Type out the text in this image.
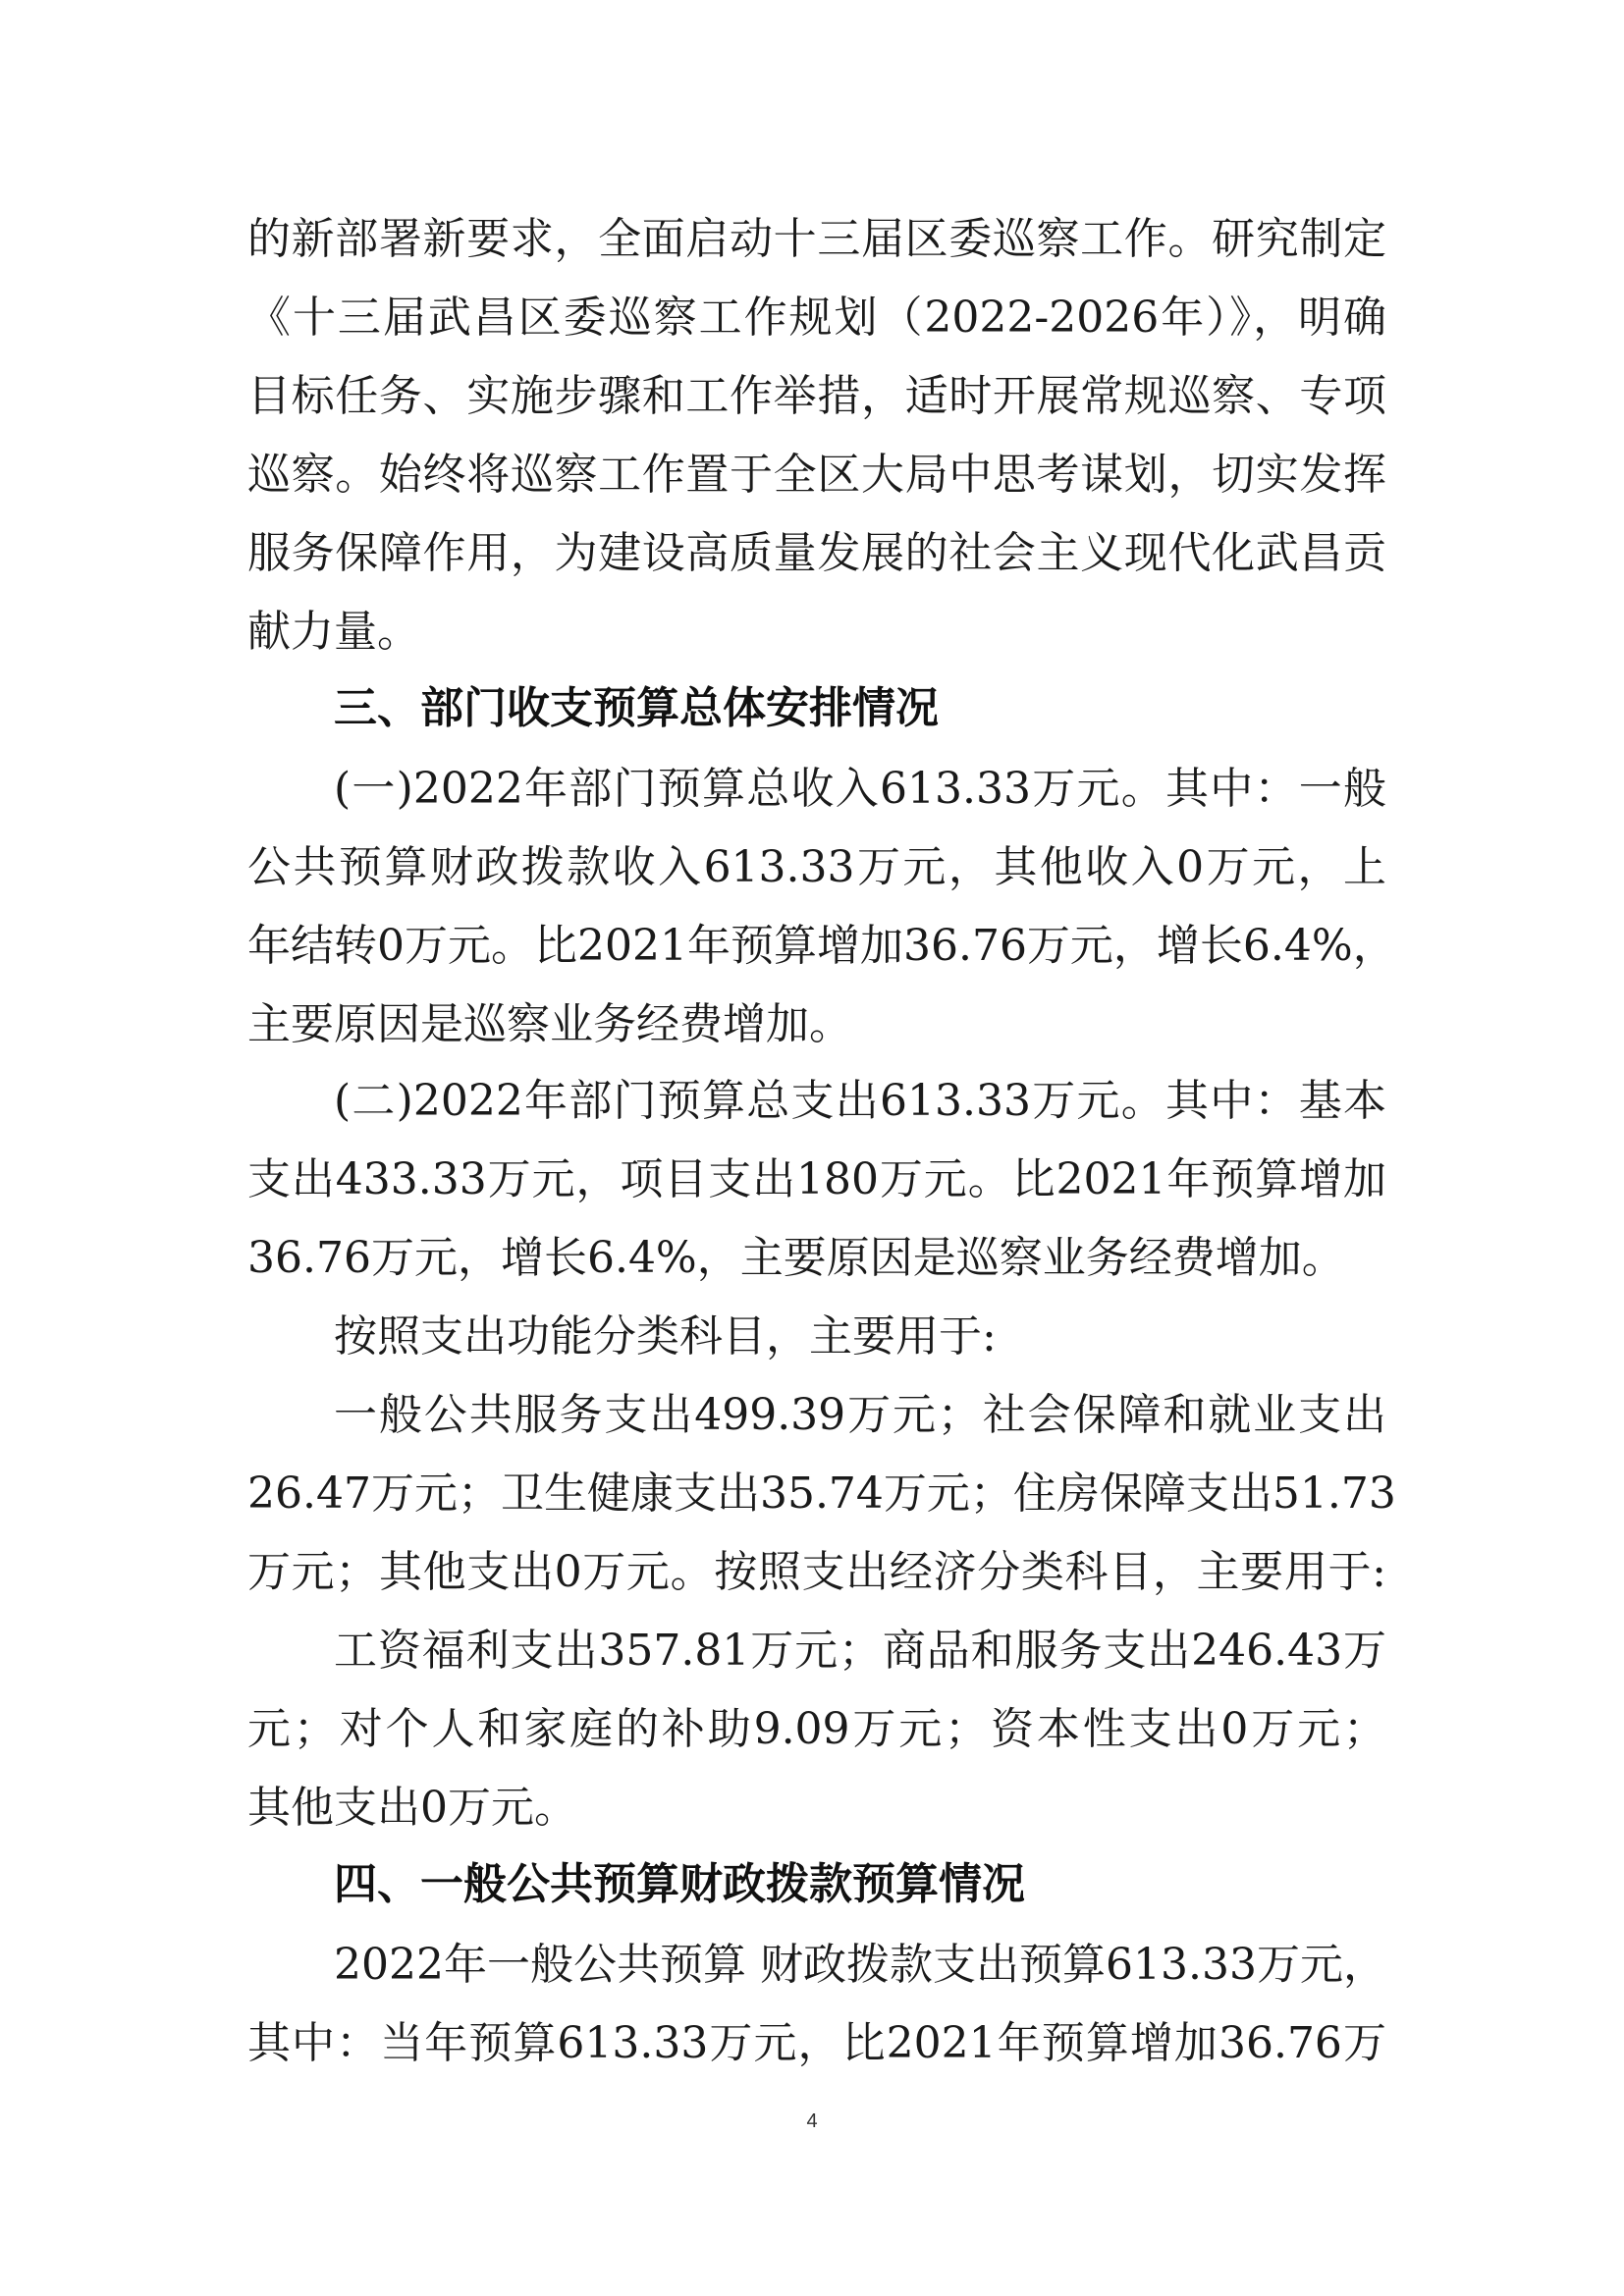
的新部署新要求，全面启动十三届区委巡察工作。研究制定
《十三届武昌区委巡察工作规划（2022-2026年）》，明确
目标任务、实施步骤和工作举措，适时开展常规巡察、专项
巡察。始终将巡察工作置于全区大局中思考谋划，切实发挥
服务保障作用，为建设高质量发展的社会主义现代化武昌贡
献力量。
三、部门收支预算总体安排情况
(一)2022年部门预算总收入613.33万元。其中：一般
公共预算财政拨款收入613.33万元，其他收入0万元，上
年结转0万元。比2021年预算增加36.76万元，增长6.4%，
主要原因是巡察业务经费增加。
(二)2022年部门预算总支出613.33万元。其中：基本
支出433.33万元，项目支出180万元。比2021年预算增加
36.76万元，增长6.4%，主要原因是巡察业务经费增加。
按照支出功能分类科目，主要用于:
一般公共服务支出499.39万元；社会保障和就业支出
26.47万元；卫生健康支出35.74万元；住房保障支出51.73
万元；其他支出0万元。按照支出经济分类科目，主要用于:
工资福利支出357.81万元；商品和服务支出246.43万
元；对个人和家庭的补助9.09万元；资本性支出0万元；
其他支出0万元。
四、一般公共预算财政拨款预算情况
2022年一般公共预算 财政拨款支出预算613.33万元，
其中：当年预算613.33万元，比2021年预算增加36.76万
4
